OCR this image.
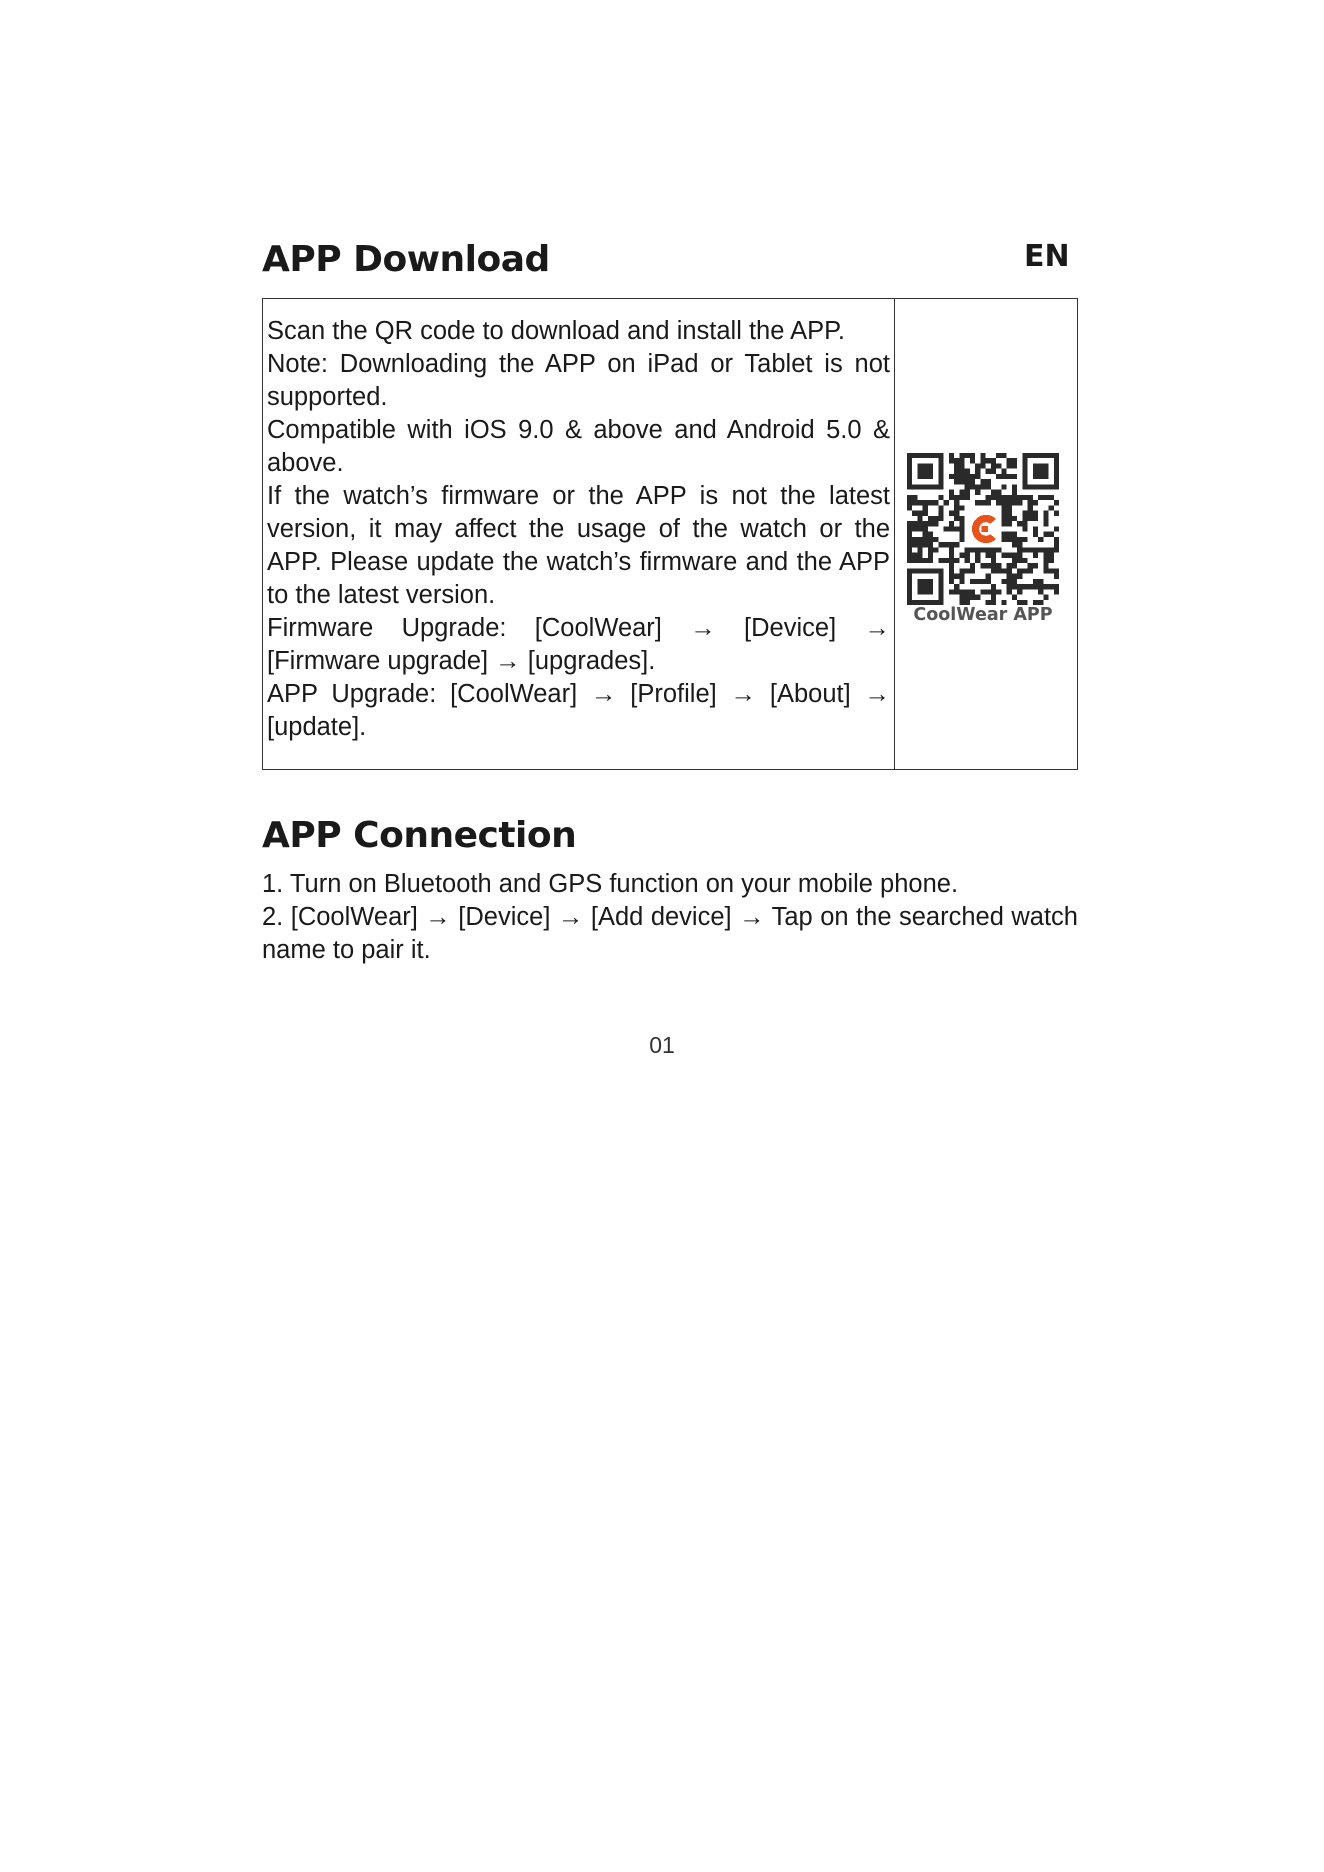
APP Download	EN

Scan the QR code to download and install the APP.

Note: Downloading the APP on iPad or Tablet is not supported.

Compatible with iOS 9.0 & above and Android 5.0 & above.

If the watch’s firmware or the APP is not the latest version, it may affect the usage of the watch or the APP. Please update the watch’s firmware and the APP to the latest version.

Firmware Upgrade: [CoolWear] → [Device] → [Firmware upgrade] → [upgrades].

APP Upgrade: [CoolWear] → [Profile] → [About] → [update].

CoolWear APP
APP Connection

1. Turn on Bluetooth and GPS function on your mobile phone.

2. [CoolWear] → [Device] → [Add device] → Tap on the searched watch name to pair it.

01
